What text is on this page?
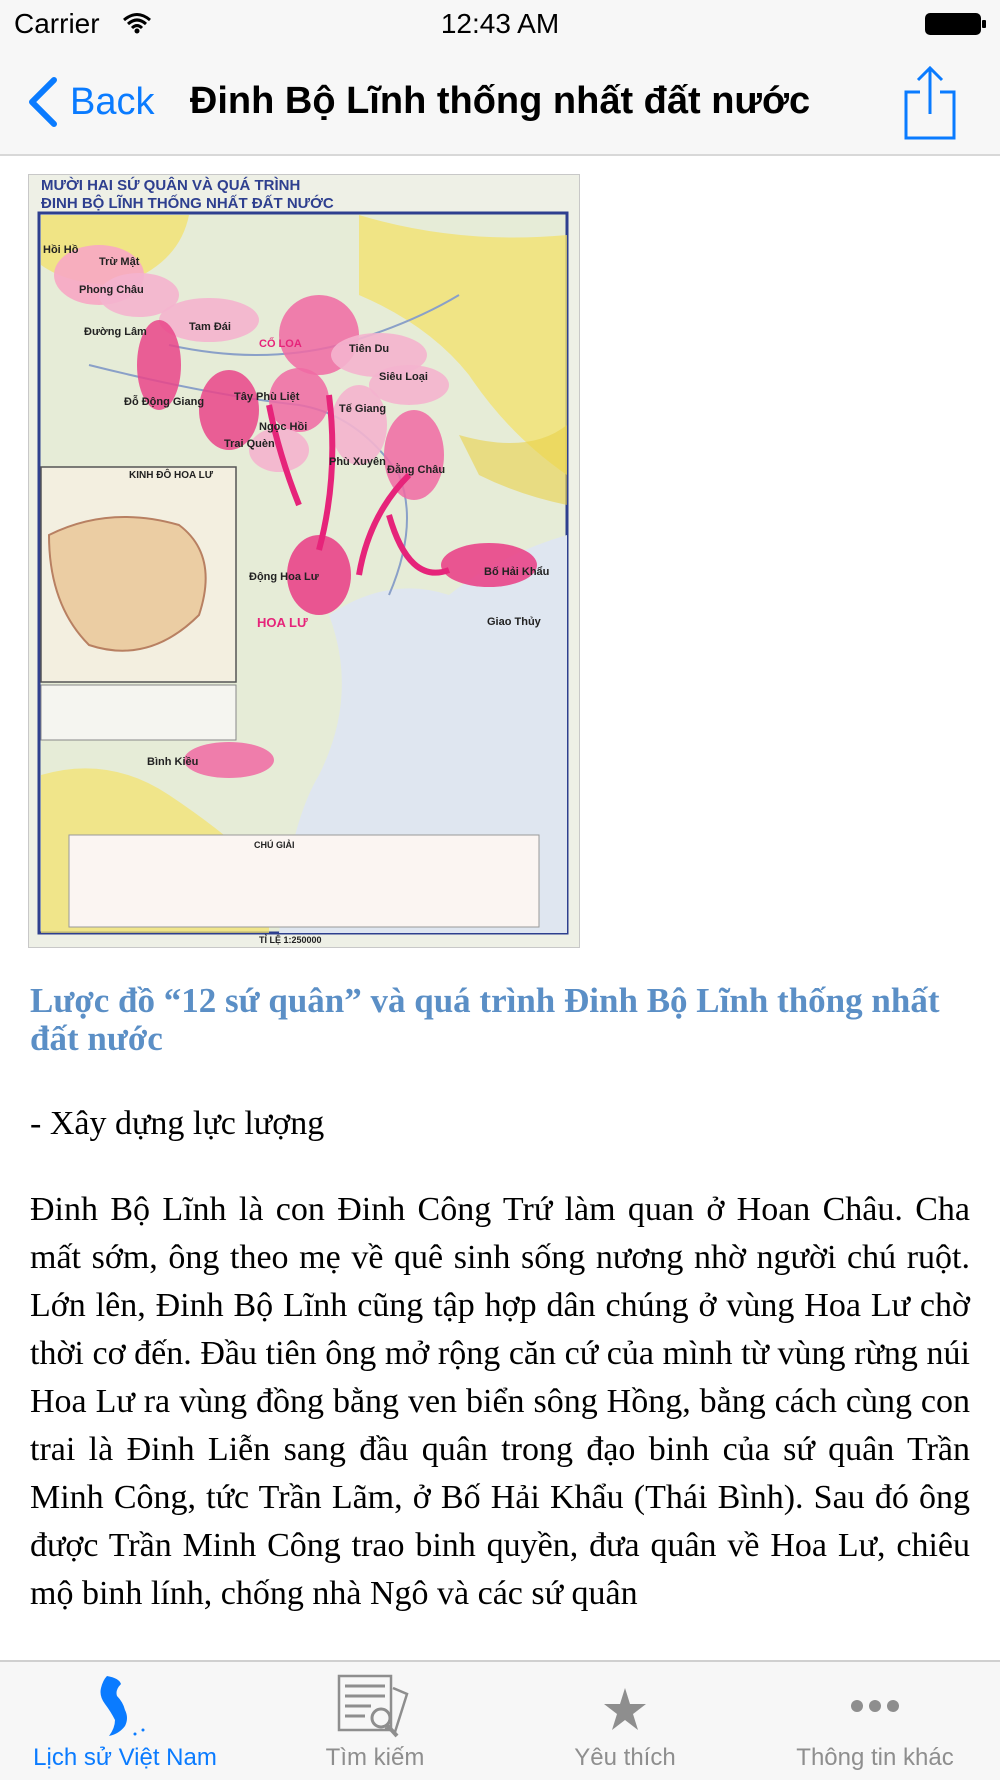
Carrier	12:43 AM
Back Đinh Bộ Lĩnh thống nhất đất nước
MƯỜI HAI SỨ QUÂN VÀ QUÁ TRÌNH
ĐINH BỘ LĨNH THỐNG NHẤT ĐẤT NƯỚC
Hồi Hồ
Trừ Mật
Phong Châu
Tam Đái
Đường Lâm
CỔ LOA	Tiên Du
Siêu Loại
Đỗ Động Giang	Tây Phù Liệt
Tế Giang
Ngọc Hồi
Trai Quèn
Phù Xuyên
Đằng Châu
Động Hoa Lư
HOA LƯ
Bố Hải Khẩu
Giao Thủy
Bình Kiều
KINH ĐÔ HOA LƯ
CHÚ GIẢI
TỈ LỆ 1:250000
Lược đồ “12 sứ quân” và quá trình Đinh Bộ Lĩnh thống nhất đất nước
- Xây dựng lực lượng
Đinh Bộ Lĩnh là con Đinh Công Trứ làm quan ở Hoan Châu. Cha mất sớm, ông theo mẹ về quê sinh sống nương nhờ người chú ruột. Lớn lên, Đinh Bộ Lĩnh cũng tập hợp dân chúng ở vùng Hoa Lư chờ thời cơ đến. Đầu tiên ông mở rộng căn cứ của mình từ vùng rừng núi Hoa Lư ra vùng đồng bằng ven biển sông Hồng, bằng cách cùng con trai là Đinh Liễn sang đầu quân trong đạo binh của sứ quân Trần Minh Công, tức Trần Lãm, ở Bố Hải Khẩu (Thái Bình). Sau đó ông được Trần Minh Công trao binh quyền, đưa quân về Hoa Lư, chiêu mộ binh lính, chống nhà Ngô và các sứ quân
Lịch sử Việt Nam	Tìm kiếm	Yêu thích	Thông tin khác
